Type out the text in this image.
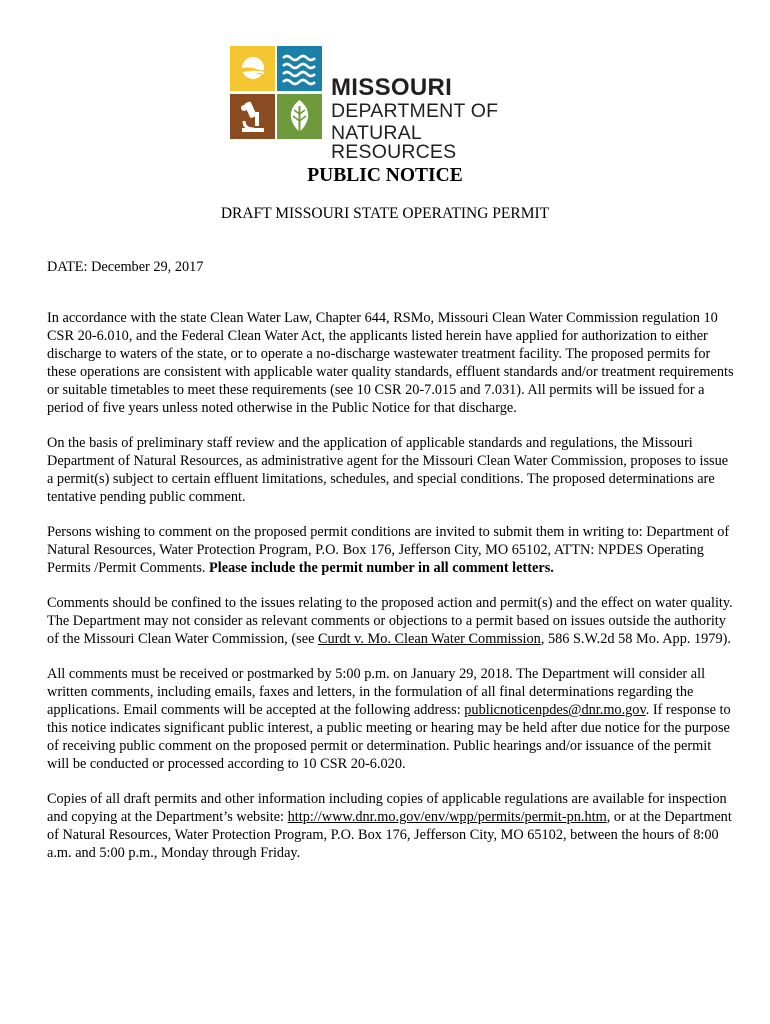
MISSOURI
DEPARTMENT OF
NATURAL RESOURCES
PUBLIC NOTICE
DRAFT MISSOURI STATE OPERATING PERMIT

DATE: December 29, 2017

In accordance with the state Clean Water Law, Chapter 644, RSMo, Missouri Clean Water Commission regulation 10 CSR 20-6.010, and the Federal Clean Water Act, the applicants listed herein have applied for authorization to either discharge to waters of the state, or to operate a no-discharge wastewater treatment facility. The proposed permits for these operations are consistent with applicable water quality standards, effluent standards and/or treatment requirements or suitable timetables to meet these requirements (see 10 CSR 20-7.015 and 7.031). All permits will be issued for a period of five years unless noted otherwise in the Public Notice for that discharge.

On the basis of preliminary staff review and the application of applicable standards and regulations, the Missouri Department of Natural Resources, as administrative agent for the Missouri Clean Water Commission, proposes to issue a permit(s) subject to certain effluent limitations, schedules, and special conditions. The proposed determinations are tentative pending public comment.

Persons wishing to comment on the proposed permit conditions are invited to submit them in writing to: Department of Natural Resources, Water Protection Program, P.O. Box 176, Jefferson City, MO 65102, ATTN: NPDES Operating Permits /Permit Comments. Please include the permit number in all comment letters.

Comments should be confined to the issues relating to the proposed action and permit(s) and the effect on water quality. The Department may not consider as relevant comments or objections to a permit based on issues outside the authority of the Missouri Clean Water Commission, (see Curdt v. Mo. Clean Water Commission, 586 S.W.2d 58 Mo. App. 1979).

All comments must be received or postmarked by 5:00 p.m. on January 29, 2018. The Department will consider all written comments, including emails, faxes and letters, in the formulation of all final determinations regarding the applications. Email comments will be accepted at the following address: publicnoticenpdes@dnr.mo.gov. If response to this notice indicates significant public interest, a public meeting or hearing may be held after due notice for the purpose of receiving public comment on the proposed permit or determination. Public hearings and/or issuance of the permit will be conducted or processed according to 10 CSR 20-6.020.

Copies of all draft permits and other information including copies of applicable regulations are available for inspection and copying at the Department’s website: http://www.dnr.mo.gov/env/wpp/permits/permit-pn.htm, or at the Department of Natural Resources, Water Protection Program, P.O. Box 176, Jefferson City, MO 65102, between the hours of 8:00 a.m. and 5:00 p.m., Monday through Friday.
